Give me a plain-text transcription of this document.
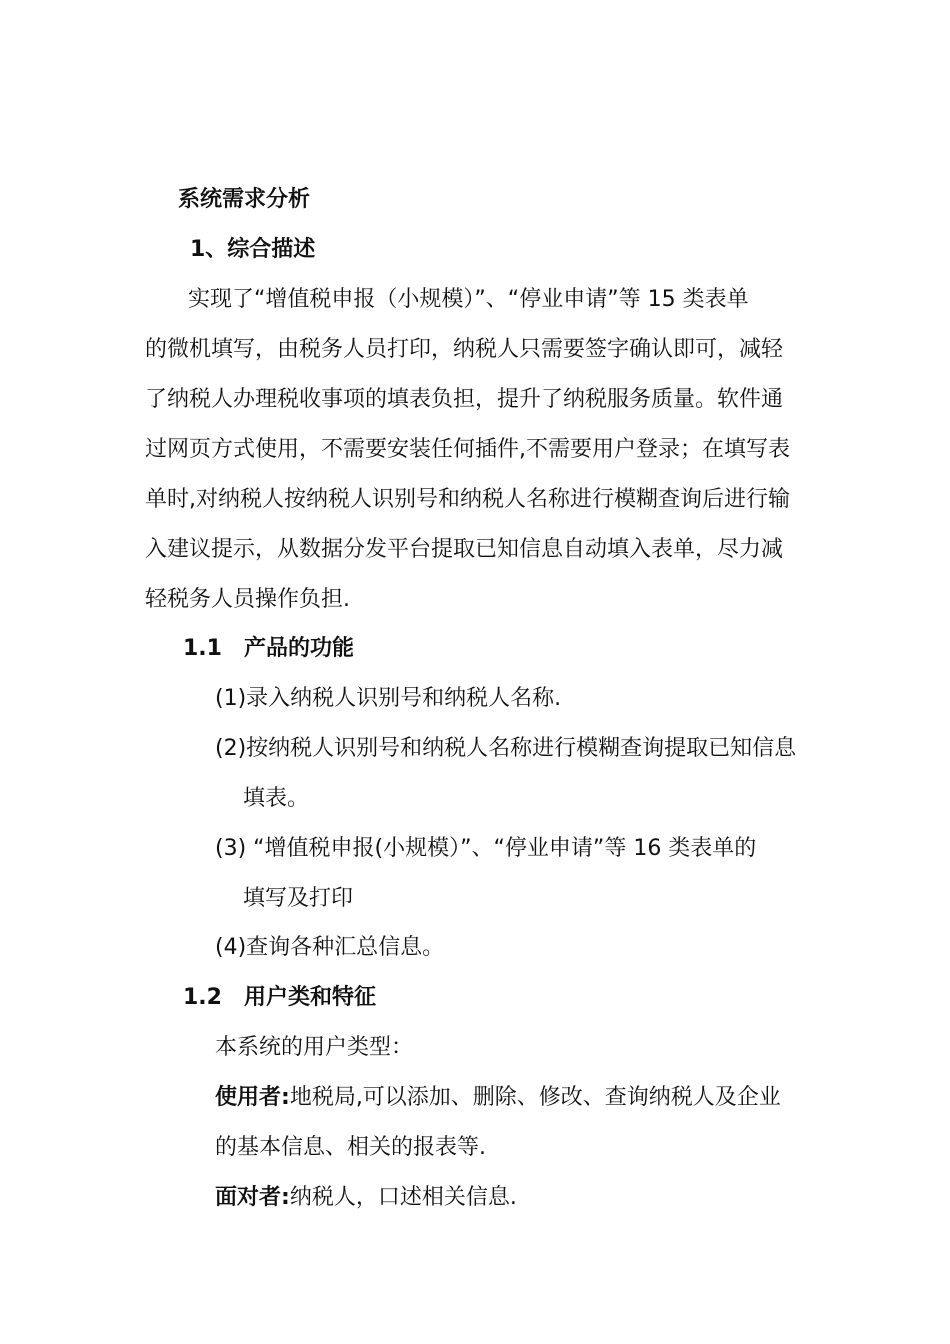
系统需求分析
1、综合描述
实现了“增值税申报（小规模）”、“停业申请”等 15 类表单
的微机填写，由税务人员打印，纳税人只需要签字确认即可，减轻
了纳税人办理税收事项的填表负担，提升了纳税服务质量。软件通
过网页方式使用，不需要安装任何插件,不需要用户登录；在填写表
单时,对纳税人按纳税人识别号和纳税人名称进行模糊查询后进行输
入建议提示，从数据分发平台提取已知信息自动填入表单，尽力减
轻税务人员操作负担.
1.1 产品的功能
(1)录入纳税人识别号和纳税人名称.
(2)按纳税人识别号和纳税人名称进行模糊查询提取已知信息
填表。
(3) “增值税申报(小规模）”、“停业申请”等 16 类表单的
填写及打印
(4)查询各种汇总信息。
1.2 用户类和特征
本系统的用户类型：
使用者:地税局,可以添加、删除、修改、查询纳税人及企业
的基本信息、相关的报表等.
面对者:纳税人，口述相关信息.
